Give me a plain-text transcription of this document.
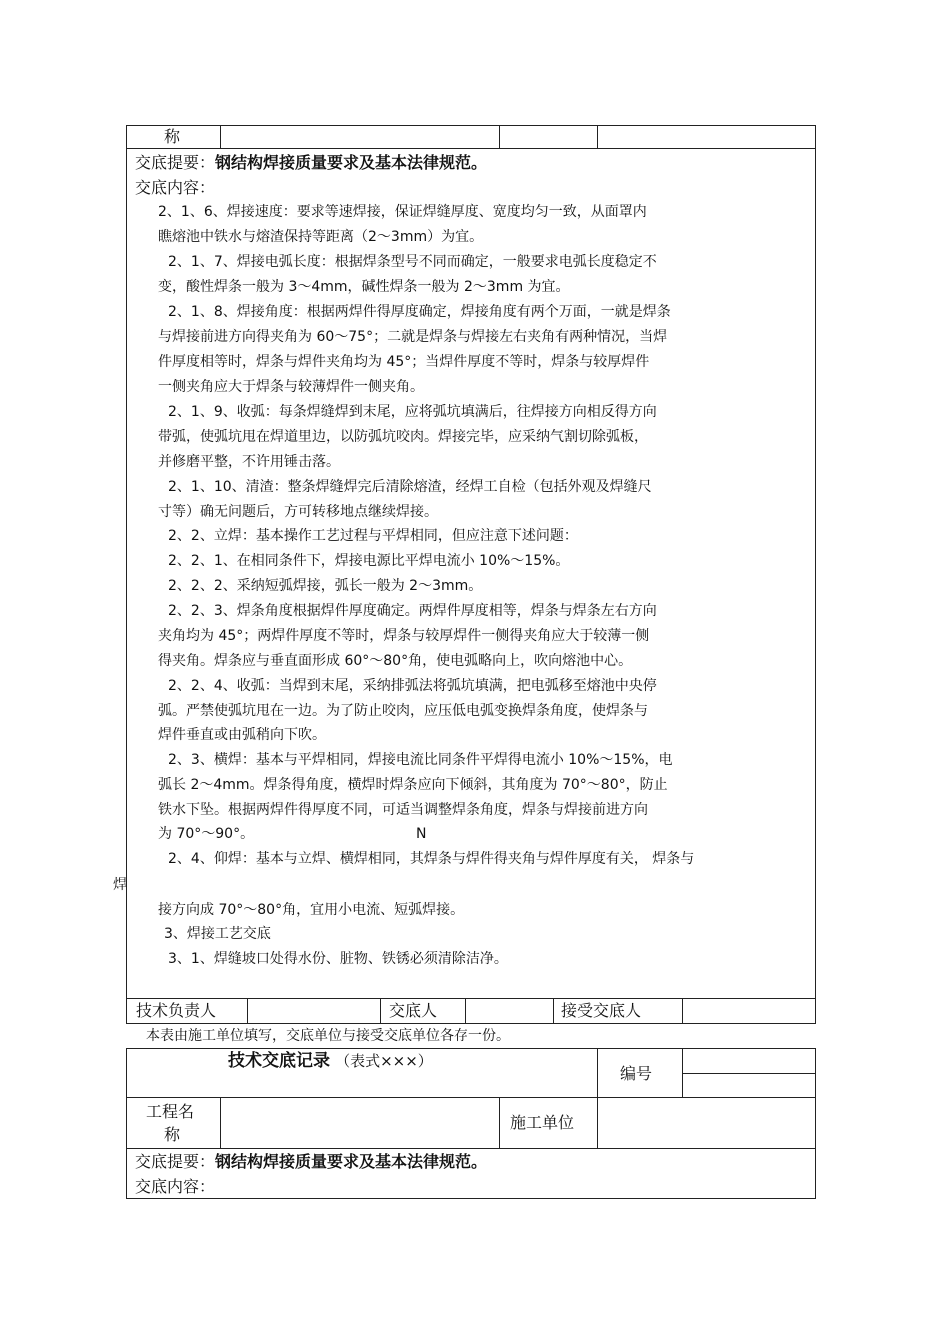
称
交底提要：钢结构焊接质量要求及基本法律规范。
交底内容：
2、1、6、焊接速度：要求等速焊接，保证焊缝厚度、宽度均匀一致，从面罩内
瞧熔池中铁水与熔渣保持等距离（2～3mm）为宜。
2、1、7、焊接电弧长度：根据焊条型号不同而确定，一般要求电弧长度稳定不
变，酸性焊条一般为 3～4mm，碱性焊条一般为 2～3mm 为宜。
2、1、8、焊接角度：根据两焊件得厚度确定，焊接角度有两个万面，一就是焊条
与焊接前进方向得夹角为 60～75°；二就是焊条与焊接左右夹角有两种情况，当焊
件厚度相等时，焊条与焊件夹角均为 45°；当焊件厚度不等时，焊条与较厚焊件
一侧夹角应大于焊条与较薄焊件一侧夹角。
2、1、9、收弧：每条焊缝焊到末尾，应将弧坑填满后，往焊接方向相反得方向
带弧，使弧坑甩在焊道里边，以防弧坑咬肉。焊接完毕，应采纳气割切除弧板，
并修磨平整，不许用锤击落。
2、1、10、清渣：整条焊缝焊完后清除熔渣，经焊工自检（包括外观及焊缝尺
寸等）确无问题后，方可转移地点继续焊接。
2、2、立焊：基本操作工艺过程与平焊相同，但应注意下述问题：
2、2、1、在相同条件下，焊接电源比平焊电流小 10%～15%。
2、2、2、采纳短弧焊接，弧长一般为 2～3mm。
2、2、3、焊条角度根据焊件厚度确定。两焊件厚度相等，焊条与焊条左右方向
夹角均为 45°；两焊件厚度不等时，焊条与较厚焊件一侧得夹角应大于较薄一侧
得夹角。焊条应与垂直面形成 60°～80°角，使电弧略向上，吹向熔池中心。
2、2、4、收弧：当焊到末尾，采纳排弧法将弧坑填满，把电弧移至熔池中央停
弧。严禁使弧坑甩在一边。为了防止咬肉，应压低电弧变换焊条角度，使焊条与
焊件垂直或由弧稍向下吹。
2、3、横焊：基本与平焊相同，焊接电流比同条件平焊得电流小 10%～15%，电
弧长 2～4mm。焊条得角度，横焊时焊条应向下倾斜，其角度为 70°～80°，防止
铁水下坠。根据两焊件得厚度不同，可适当调整焊条角度，焊条与焊接前进方向
为 70°～90°。	N
2、4、仰焊：基本与立焊、横焊相同，其焊条与焊件得夹角与焊件厚度有关， 焊条与
焊
接方向成 70°～80°角，宜用小电流、短弧焊接。
3、焊接工艺交底
3、1、焊缝坡口处得水份、脏物、铁锈必须清除洁净。
技术负责人	交底人	接受交底人
本表由施工单位填写，交底单位与接受交底单位各存一份。
技术交底记录 （表式×××）
编号
工程名
称
施工单位
交底提要：钢结构焊接质量要求及基本法律规范。
交底内容：
